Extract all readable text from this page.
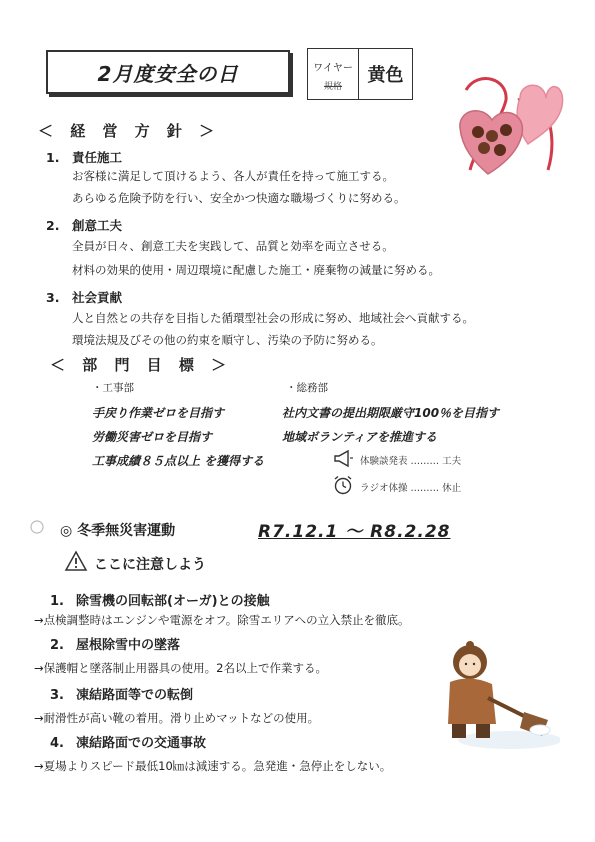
2月度安全の日	ワイヤー
規格
黄色
＜ 経 営 方 針 ＞
1. 責任施工
お客様に満足して頂けるよう、各人が責任を持って施工する。
あらゆる危険予防を行い、安全かつ快適な職場づくりに努める。
2. 創意工夫
全員が日々、創意工夫を実践して、品質と効率を両立させる。
材料の効果的使用・周辺環境に配慮した施工・廃棄物の減量に努める。
3. 社会貢献
人と自然との共存を目指した循環型社会の形成に努め、地域社会へ貢献する。
環境法規及びその他の約束を順守し、汚染の予防に努める。
＜ 部 門 目 標 ＞
・工事部
手戻り作業ゼロを目指す
労働災害ゼロを目指す
工事成績８５点以上 を獲得する
・総務部
社内文書の提出期限厳守100％を目指す
地域ボランティアを推進する
体験談発表 ……… 工夫
ラジオ体操 ……… 休止
◎ 冬季無災害運動	R7.12.1 ～ R8.2.28
ここに注意しよう
1. 除雪機の回転部(オーガ)との接触
→点検調整時はエンジンや電源をオフ。除雪エリアへの立入禁止を徹底。
2. 屋根除雪中の墜落
→保護帽と墜落制止用器具の使用。2名以上で作業する。
3. 凍結路面等での転倒
→耐滑性が高い靴の着用。滑り止めマットなどの使用。
4. 凍結路面での交通事故
→夏場よりスピード最低10㎞は減速する。急発進・急停止をしない。
